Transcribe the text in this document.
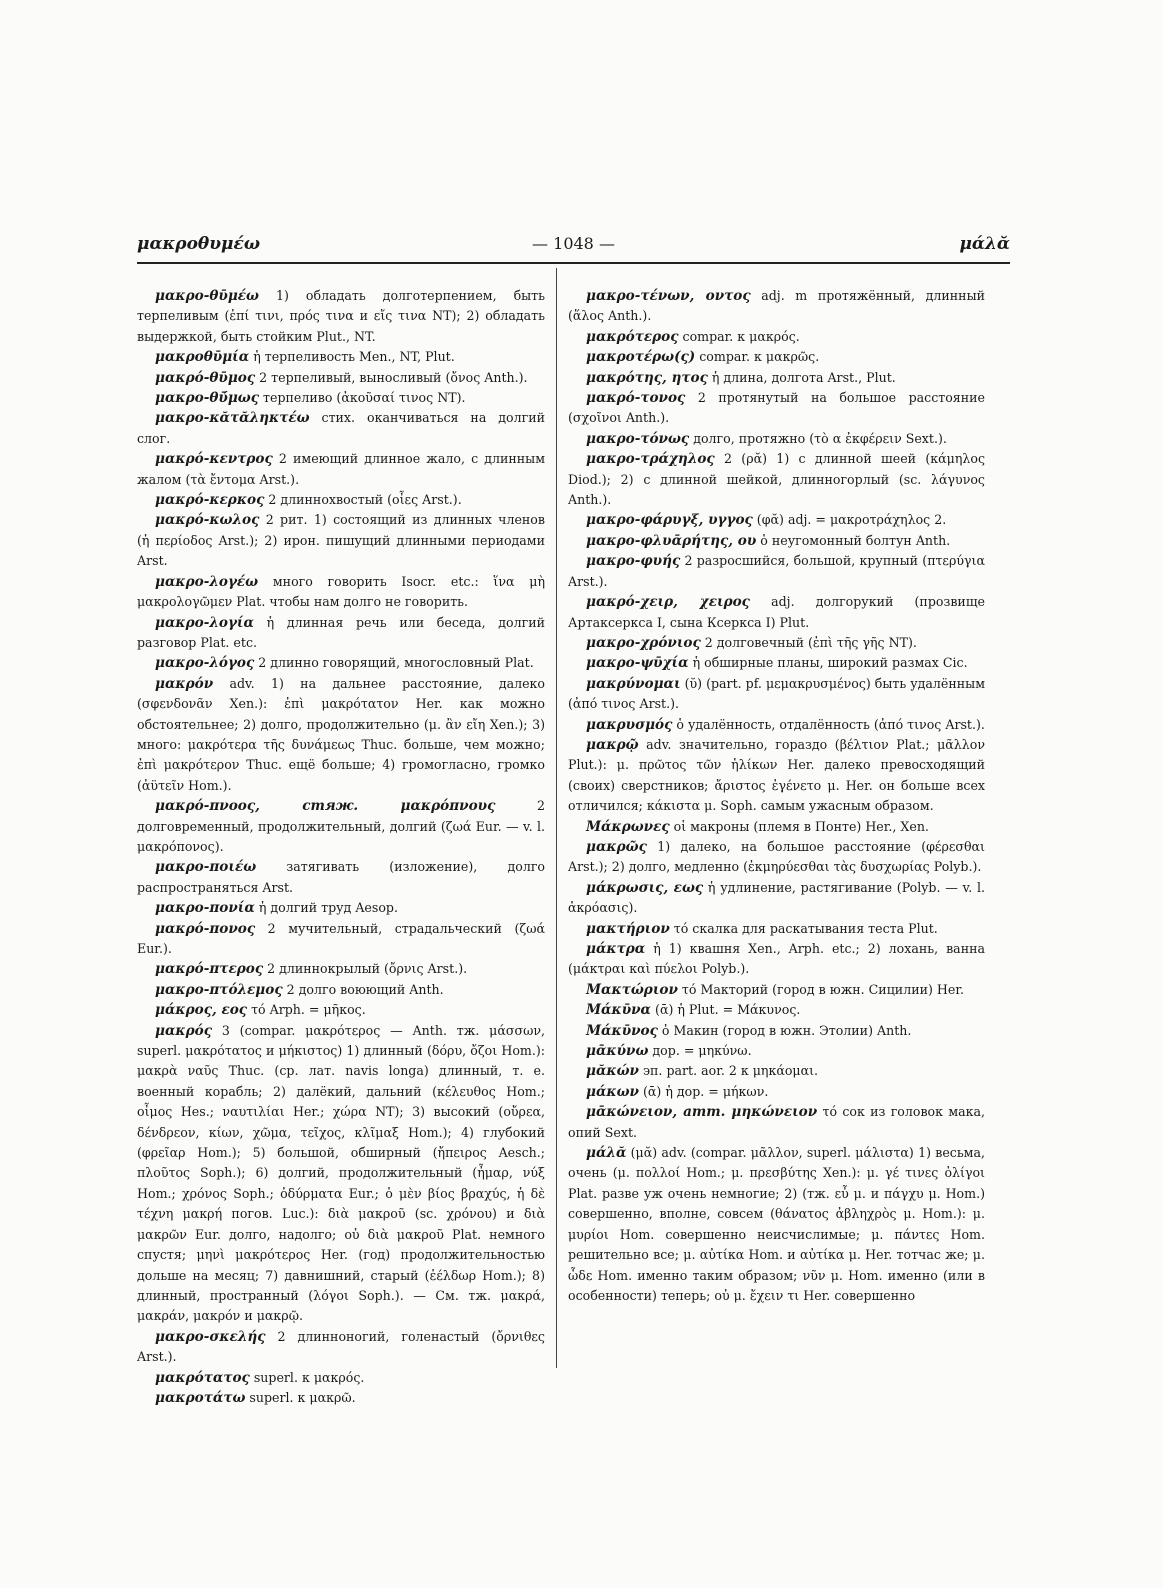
— 1048 —
μακροθυμέω	μάλᾰ

μακρο-θῡμέω 1) обладать долготерпением, быть терпеливым (ἐπί τινι, πρός τινα и εἴς τινα NT); 2) обладать выдержкой, быть стойким Plut., NT.

μακροθῡμία ἡ терпеливость Men., NT, Plut.

μακρό-θῡμος 2 терпеливый, выносливый (ὄνος Anth.).

μακρο-θῡ́μως терпеливо (ἀκοῦσαί τινος NT).

μακρο-κᾰτᾰληκτέω стих. оканчиваться на долгий слог.

μακρό-κεντρος 2 имеющий длинное жало, с длинным жалом (τὰ ἔντομα Arst.).

μακρό-κερκος 2 длиннохвостый (οἶες Arst.).

μακρό-κωλος 2 рит. 1) состоящий из длинных членов (ἡ περίοδος Arst.); 2) ирон. пишущий длинными периодами Arst.

μακρο-λογέω много говорить Isocr. etc.: ἵνα μὴ μακρολογῶμεν Plat. чтобы нам долго не говорить.

μακρο-λογία ἡ длинная речь или беседа, долгий разговор Plat. etc.

μακρο-λόγος 2 длинно говорящий, многословный Plat.

μακρόν adv. 1) на дальнее расстояние, далеко (σφενδονᾶν Xen.): ἐπὶ μακρότατον Her. как можно обстоятельнее; 2) долго, продолжительно (μ. ἂν εἴη Xen.); 3) много: μακρότερα τῆς δυνάμεως Thuc. больше, чем можно; ἐπὶ μακρότερον Thuc. ещё больше; 4) громогласно, громко (ἀϋτεῖν Hom.).

μακρό-πνοος, стяж. μακρόπνους 2 долговременный, продолжительный, долгий (ζωά Eur. — v. l. μακρόπονος).

μακρο-ποιέω затягивать (изложение), долго распространяться Arst.

μακρο-πονία ἡ долгий труд Aesop.

μακρό-πονος 2 мучительный, страдальческий (ζωά Eur.).

μακρό-πτερος 2 длиннокрылый (ὄρνις Arst.).

μακρο-πτόλεμος 2 долго воюющий Anth.

μάκρος, εος τό Arph. = μῆκος.

μακρός 3 (compar. μακρότερος — Anth. тж. μάσσων, superl. μακρότατος и μήκιστος) 1) длинный (δόρυ, ὄζοι Hom.): μακρὰ ναῦς Thuc. (ср. лат. navis longa) длинный, т. е. военный корабль; 2) далёкий, дальний (κέλευθος Hom.; οἶμος Hes.; ναυτιλίαι Her.; χώρα NT); 3) высокий (οὔρεα, δένδρεον, κίων, χῶμα, τεῖχος, κλῖμαξ Hom.); 4) глубокий (φρεῖαρ Hom.); 5) большой, обширный (ἤπειρος Aesch.; πλοῦτος Soph.); 6) долгий, продолжительный (ἦμαρ, νύξ Hom.; χρόνος Soph.; ὀδύρματα Eur.; ὁ μὲν βίος βραχύς, ἡ δὲ τέχνη μακρή погов. Luc.): διὰ μακροῦ (sc. χρόνου) и διὰ μακρῶν Eur. долго, надолго; οὐ διὰ μακροῦ Plat. немного спустя; μηνὶ μακρότερος Her. (год) продолжительностью дольше на месяц; 7) давнишний, старый (ἐέλδωρ Hom.); 8) длинный, пространный (λόγοι Soph.). — См. тж. μακρά, μακράν, μακρόν и μακρῷ.

μακρο-σκελής 2 длинноногий, голенастый (ὄρνιθες Arst.).

μακρότατος superl. к μακρός.

μακροτάτω superl. к μακρῶ.

μακρο-τένων, οντος adj. m протяжённый, длинный (ἅλος Anth.).

μακρότερος compar. к μακρός.

μακροτέρω(ς) compar. к μακρῶς.

μακρότης, ητος ἡ длина, долгота Arst., Plut.

μακρό-τονος 2 протянутый на большое расстояние (σχοῖνοι Anth.).

μακρο-τόνως долго, протяжно (τὸ α ἐκφέρειν Sext.).

μακρο-τράχηλος 2 (ρᾰ) 1) с длинной шеей (κάμηλος Diod.); 2) с длинной шейкой, длинногорлый (sc. λάγυνος Anth.).

μακρο-φάρυγξ, υγγος (φᾰ) adj. = μακροτράχηλος 2.

μακρο-φλυᾱρήτης, ου ὁ неугомонный болтун Anth.

μακρο-φυής 2 разросшийся, большой, крупный (πτερύγια Arst.).

μακρό-χειρ, χειρος adj. долгорукий (прозвище Артаксеркса I, сына Ксеркса I) Plut.

μακρο-χρόνιος 2 долговечный (ἐπὶ τῆς γῆς NT).

μακρο-ψῡχία ἡ обширные планы, широкий размах Cic.

μακρύνομαι (ῠ) (part. pf. μεμακρυσμένος) быть удалённым (ἀπό τινος Arst.).

μακρυσμός ὁ удалённость, отдалённость (ἀπό τινος Arst.).

μακρῷ adv. значительно, гораздо (βέλτιον Plat.; μᾶλλον Plut.): μ. πρῶτος τῶν ἡλίκων Her. далеко превосходящий (своих) сверстников; ἄριστος ἐγένετο μ. Her. он больше всех отличился; κάκιστα μ. Soph. самым ужасным образом.

Μάκρωνες οἱ макроны (племя в Понте) Her., Xen.

μακρῶς 1) далеко, на большое расстояние (φέρεσθαι Arst.); 2) долго, медленно (ἐκμηρύεσθαι τὰς δυσχωρίας Polyb.).

μάκρωσις, εως ἡ удлинение, растягивание (Polyb. — v. l. ἀκρόασις).

μακτήριον τό скалка для раскатывания теста Plut.

μάκτρα ἡ 1) квашня Xen., Arph. etc.; 2) лохань, ванна (μάκτραι καὶ πύελοι Polyb.).

Μακτώριον τό Макторий (город в южн. Сицилии) Her.

Μάκῡνα (ᾱ) ἡ Plut. = Μάκυνος.

Μάκῡνος ὁ Макин (город в южн. Этолии) Anth.

μᾱκύνω дор. = μηκύνω.

μᾰκών эп. part. aor. 2 к μηκάομαι.

μάκων (ᾱ) ἡ дор. = μήκων.

μᾱκώνειον, атт. μηκώνειον τό сок из головок мака, опий Sext.

μάλᾰ (μᾰ) adv. (compar. μᾶλλον, superl. μάλιστα) 1) весьма, очень (μ. πολλοί Hom.; μ. πρεσβύτης Xen.): μ. γέ τινες ὀλίγοι Plat. разве уж очень немногие; 2) (тж. εὖ μ. и πάγχυ μ. Hom.) совершенно, вполне, совсем (θάνατος ἀβληχρὸς μ. Hom.): μ. μυρίοι Hom. совершенно неисчислимые; μ. πάντες Hom. решительно все; μ. αὐτίκα Hom. и αὐτίκα μ. Her. тотчас же; μ. ὧδε Hom. именно таким образом; νῦν μ. Hom. именно (или в особенности) теперь; οὐ μ. ἔχειν τι Her. совершенно
